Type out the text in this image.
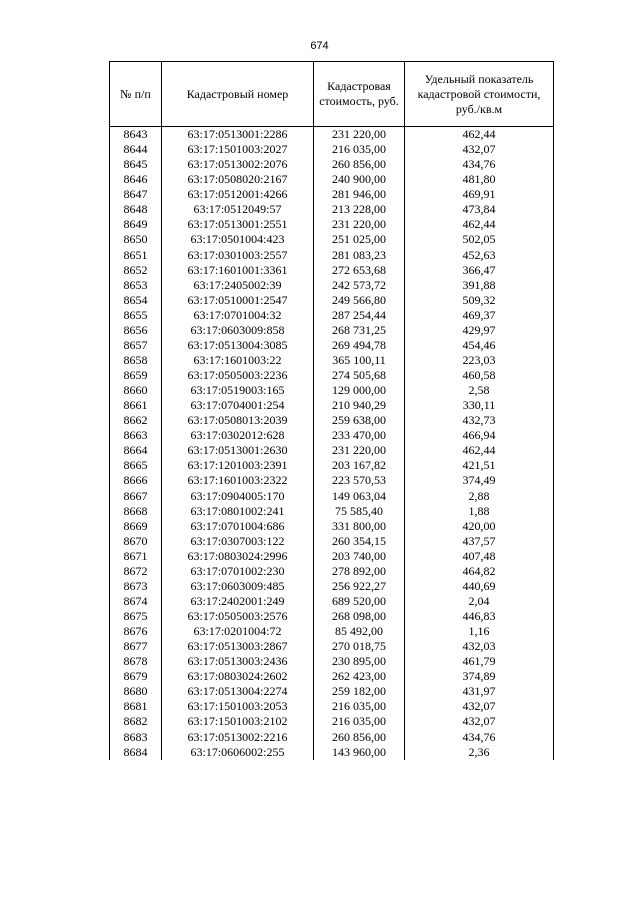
674
№ п/п	Кадастровый номер	Кадастровая стоимость, руб.	Удельный показатель кадастровой стоимости, руб./кв.м
8643	63:17:0513001:2286	231 220,00	462,44
8644	63:17:1501003:2027	216 035,00	432,07
8645	63:17:0513002:2076	260 856,00	434,76
8646	63:17:0508020:2167	240 900,00	481,80
8647	63:17:0512001:4266	281 946,00	469,91
8648	63:17:0512049:57	213 228,00	473,84
8649	63:17:0513001:2551	231 220,00	462,44
8650	63:17:0501004:423	251 025,00	502,05
8651	63:17:0301003:2557	281 083,23	452,63
8652	63:17:1601001:3361	272 653,68	366,47
8653	63:17:2405002:39	242 573,72	391,88
8654	63:17:0510001:2547	249 566,80	509,32
8655	63:17:0701004:32	287 254,44	469,37
8656	63:17:0603009:858	268 731,25	429,97
8657	63:17:0513004:3085	269 494,78	454,46
8658	63:17:1601003:22	365 100,11	223,03
8659	63:17:0505003:2236	274 505,68	460,58
8660	63:17:0519003:165	129 000,00	2,58
8661	63:17:0704001:254	210 940,29	330,11
8662	63:17:0508013:2039	259 638,00	432,73
8663	63:17:0302012:628	233 470,00	466,94
8664	63:17:0513001:2630	231 220,00	462,44
8665	63:17:1201003:2391	203 167,82	421,51
8666	63:17:1601003:2322	223 570,53	374,49
8667	63:17:0904005:170	149 063,04	2,88
8668	63:17:0801002:241	75 585,40	1,88
8669	63:17:0701004:686	331 800,00	420,00
8670	63:17:0307003:122	260 354,15	437,57
8671	63:17:0803024:2996	203 740,00	407,48
8672	63:17:0701002:230	278 892,00	464,82
8673	63:17:0603009:485	256 922,27	440,69
8674	63:17:2402001:249	689 520,00	2,04
8675	63:17:0505003:2576	268 098,00	446,83
8676	63:17:0201004:72	85 492,00	1,16
8677	63:17:0513003:2867	270 018,75	432,03
8678	63:17:0513003:2436	230 895,00	461,79
8679	63:17:0803024:2602	262 423,00	374,89
8680	63:17:0513004:2274	259 182,00	431,97
8681	63:17:1501003:2053	216 035,00	432,07
8682	63:17:1501003:2102	216 035,00	432,07
8683	63:17:0513002:2216	260 856,00	434,76
8684	63:17:0606002:255	143 960,00	2,36
